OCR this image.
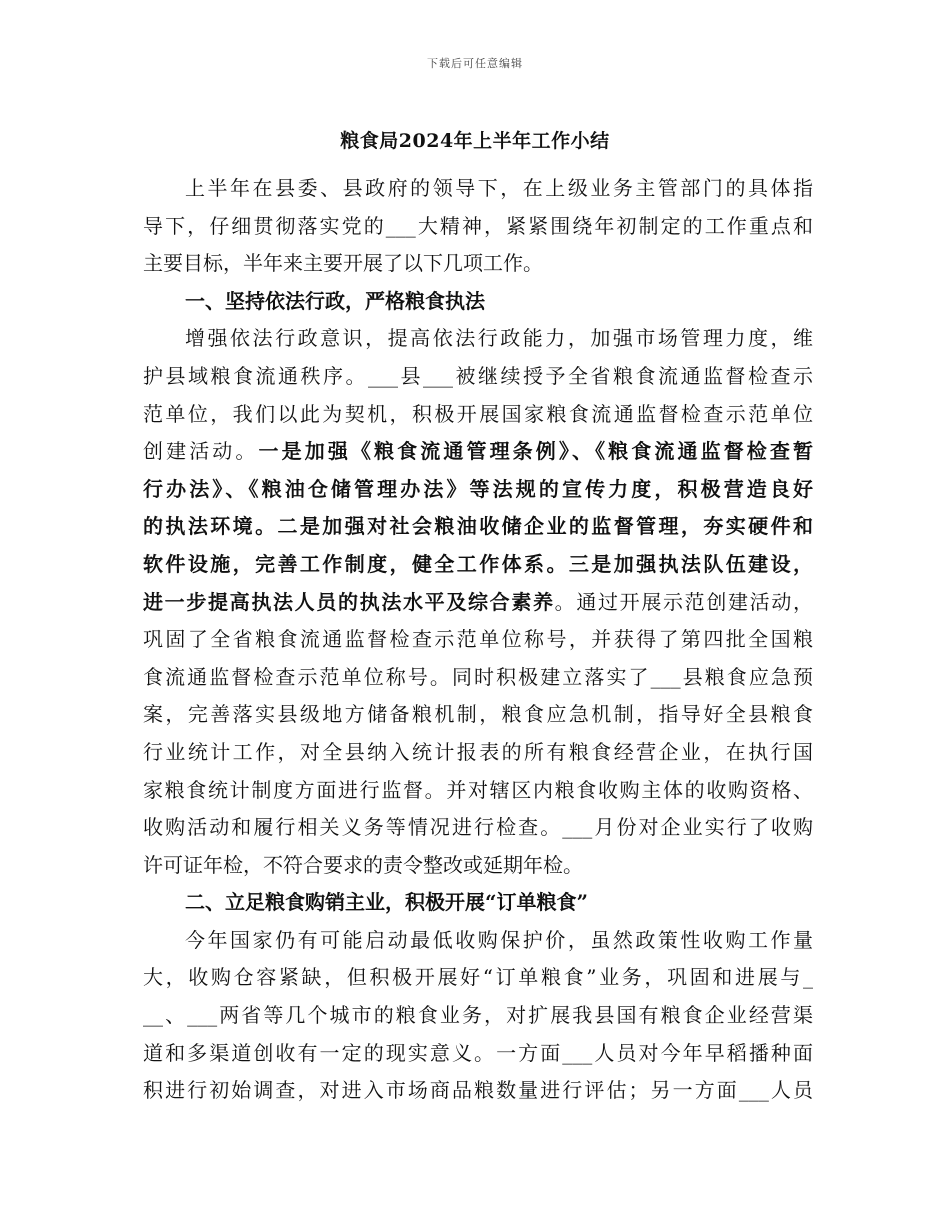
下载后可任意编辑
粮食局2024年上半年工作小结
上半年在县委、县政府的领导下，在上级业务主管部门的具体指
导下，仔细贯彻落实党的___大精神，紧紧围绕年初制定的工作重点和
主要目标，半年来主要开展了以下几项工作。
一、坚持依法行政，严格粮食执法
增强依法行政意识，提高依法行政能力，加强市场管理力度，维
护县域粮食流通秩序。___县___被继续授予全省粮食流通监督检查示
范单位，我们以此为契机，积极开展国家粮食流通监督检查示范单位
创建活动。一是加强《粮食流通管理条例》、《粮食流通监督检查暂
行办法》、《粮油仓储管理办法》等法规的宣传力度，积极营造良好
的执法环境。二是加强对社会粮油收储企业的监督管理，夯实硬件和
软件设施，完善工作制度，健全工作体系。三是加强执法队伍建设，
进一步提高执法人员的执法水平及综合素养。通过开展示范创建活动，
巩固了全省粮食流通监督检查示范单位称号，并获得了第四批全国粮
食流通监督检查示范单位称号。同时积极建立落实了___县粮食应急预
案，完善落实县级地方储备粮机制，粮食应急机制，指导好全县粮食
行业统计工作，对全县纳入统计报表的所有粮食经营企业，在执行国
家粮食统计制度方面进行监督。并对辖区内粮食收购主体的收购资格、
收购活动和履行相关义务等情况进行检查。___月份对企业实行了收购
许可证年检，不符合要求的责令整改或延期年检。
二、立足粮食购销主业，积极开展“订单粮食”
今年国家仍有可能启动最低收购保护价，虽然政策性收购工作量
大，收购仓容紧缺，但积极开展好“订单粮食”业务，巩固和进展与_
__、___两省等几个城市的粮食业务，对扩展我县国有粮食企业经营渠
道和多渠道创收有一定的现实意义。一方面___人员对今年早稻播种面
积进行初始调查，对进入市场商品粮数量进行评估；另一方面___人员
